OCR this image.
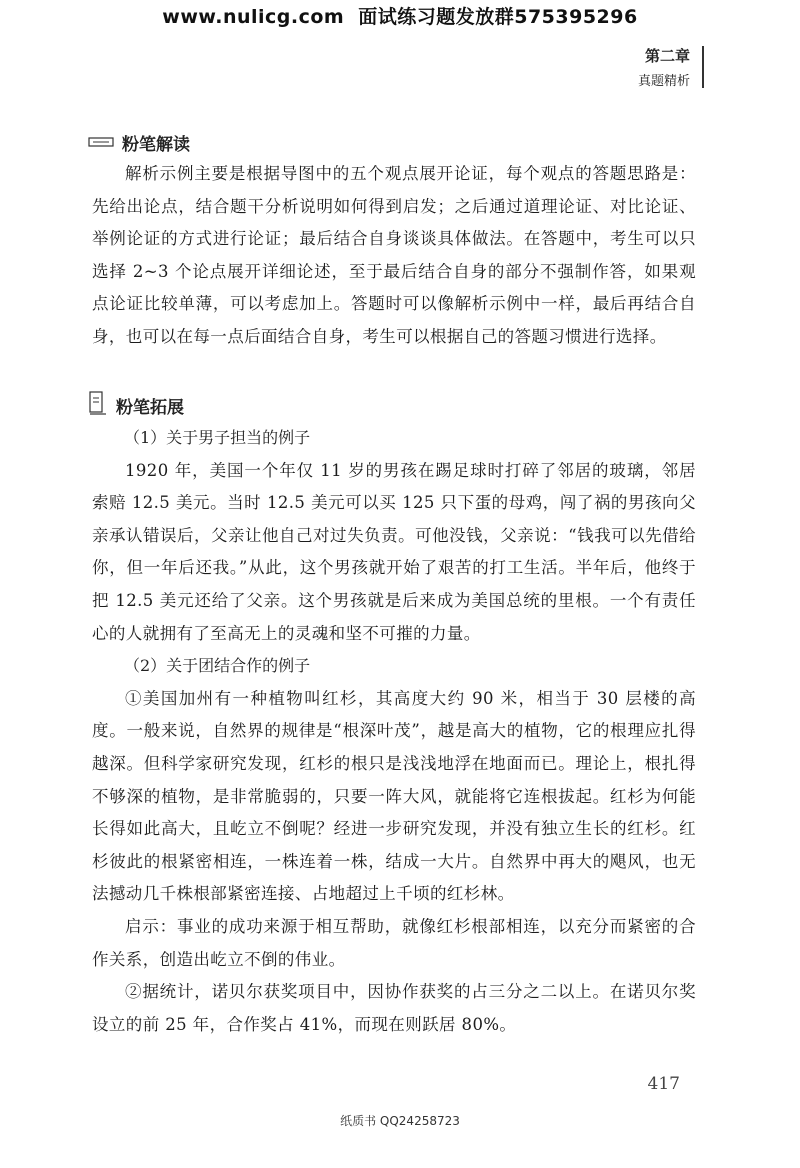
www.nulicg.com 面试练习题发放群575395296
第二章
真题精析
粉笔解读

解析示例主要是根据导图中的五个观点展开论证，每个观点的答题思路是：先给出论点，结合题干分析说明如何得到启发；之后通过道理论证、对比论证、举例论证的方式进行论证；最后结合自身谈谈具体做法。在答题中，考生可以只选择 2~3 个论点展开详细论述，至于最后结合自身的部分不强制作答，如果观点论证比较单薄，可以考虑加上。答题时可以像解析示例中一样，最后再结合自身，也可以在每一点后面结合自身，考生可以根据自己的答题习惯进行选择。

粉笔拓展

（1）关于男子担当的例子

1920 年，美国一个年仅 11 岁的男孩在踢足球时打碎了邻居的玻璃，邻居索赔 12.5 美元。当时 12.5 美元可以买 125 只下蛋的母鸡，闯了祸的男孩向父亲承认错误后，父亲让他自己对过失负责。可他没钱，父亲说：“钱我可以先借给你，但一年后还我。”从此，这个男孩就开始了艰苦的打工生活。半年后，他终于把 12.5 美元还给了父亲。这个男孩就是后来成为美国总统的里根。一个有责任心的人就拥有了至高无上的灵魂和坚不可摧的力量。

（2）关于团结合作的例子

①美国加州有一种植物叫红杉，其高度大约 90 米，相当于 30 层楼的高度。一般来说，自然界的规律是“根深叶茂”，越是高大的植物，它的根理应扎得越深。但科学家研究发现，红杉的根只是浅浅地浮在地面而已。理论上，根扎得不够深的植物，是非常脆弱的，只要一阵大风，就能将它连根拔起。红杉为何能长得如此高大，且屹立不倒呢？经进一步研究发现，并没有独立生长的红杉。红杉彼此的根紧密相连，一株连着一株，结成一大片。自然界中再大的飓风，也无法撼动几千株根部紧密连接、占地超过上千顷的红杉林。

启示：事业的成功来源于相互帮助，就像红杉根部相连，以充分而紧密的合作关系，创造出屹立不倒的伟业。

②据统计，诺贝尔获奖项目中，因协作获奖的占三分之二以上。在诺贝尔奖设立的前 25 年，合作奖占 41%，而现在则跃居 80%。

417
纸质书 QQ24258723
